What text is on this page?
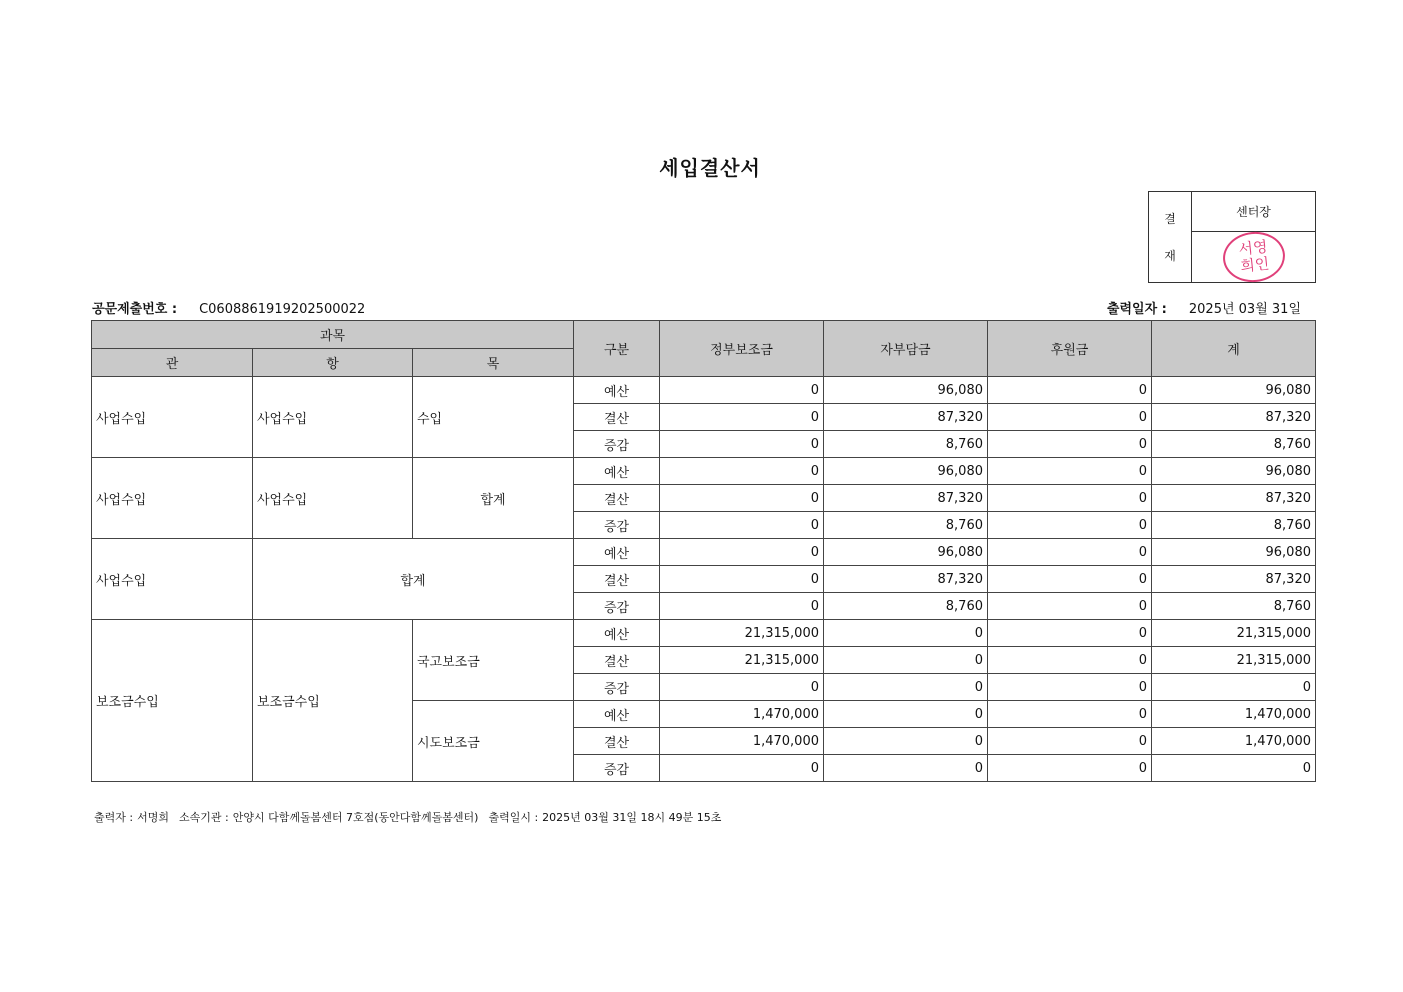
세입결산서
결
재
센터장
서영
희인
공문제출번호 : C0608861919202500022	출력일자 : 2025년 03월 31일
과목			구분	정부보조금	자부담금	후원금	계
관	항	목					
사업수입	사업수입	수입	예산	0	96,080	0	96,080
			결산	0	87,320	0	87,320
			증감	0	8,760	0	8,760
사업수입	사업수입	합계	예산	0	96,080	0	96,080
			결산	0	87,320	0	87,320
			증감	0	8,760	0	8,760
사업수입	합계		예산	0	96,080	0	96,080
			결산	0	87,320	0	87,320
			증감	0	8,760	0	8,760
보조금수입	보조금수입	국고보조금	예산	21,315,000	0	0	21,315,000
			결산	21,315,000	0	0	21,315,000
			증감	0	0	0	0
		시도보조금	예산	1,470,000	0	0	1,470,000
			결산	1,470,000	0	0	1,470,000
			증감	0	0	0	0
출력자 : 서명희 소속기관 : 안양시 다함께돌봄센터 7호점(동안다함께돌봄센터) 출력일시 : 2025년 03월 31일 18시 49분 15초
